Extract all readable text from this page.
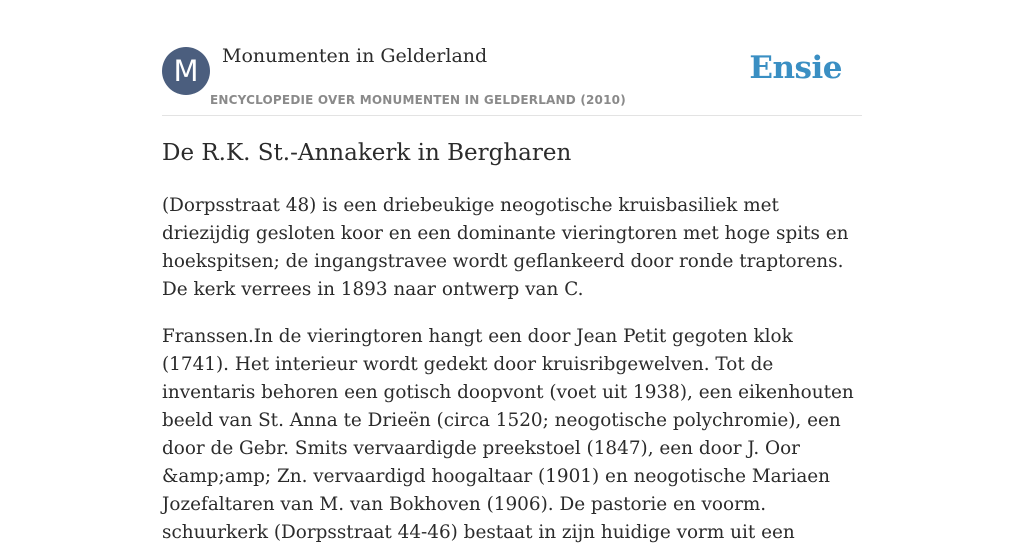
M	Monumenten in Gelderland
ENCYCLOPEDIE OVER MONUMENTEN IN GELDERLAND (2010)
Ensie
De R.K. St.-Annakerk in Bergharen

(Dorpsstraat 48) is een driebeukige neogotische kruisbasiliek met driezijdig gesloten koor en een dominante vieringtoren met hoge spits en hoekspitsen; de ingangstravee wordt geflankeerd door ronde traptorens. De kerk verrees in 1893 naar ontwerp van C.

Franssen.In de vieringtoren hangt een door Jean Petit gegoten klok (1741). Het interieur wordt gedekt door kruisribgewelven. Tot de inventaris behoren een gotisch doopvont (voet uit 1938), een eikenhouten beeld van St. Anna te Drieën (circa 1520; neogotische polychromie), een door de Gebr. Smits vervaardigde preekstoel (1847), een door J. Oor &amp;amp; Zn. vervaardigd hoogaltaar (1901) en neogotische Mariaen Jozefaltaren van M. van Bokhoven (1906). De pastorie en voorm. schuurkerk (Dorpsstraat 44-46) bestaat in zijn huidige vorm uit een
